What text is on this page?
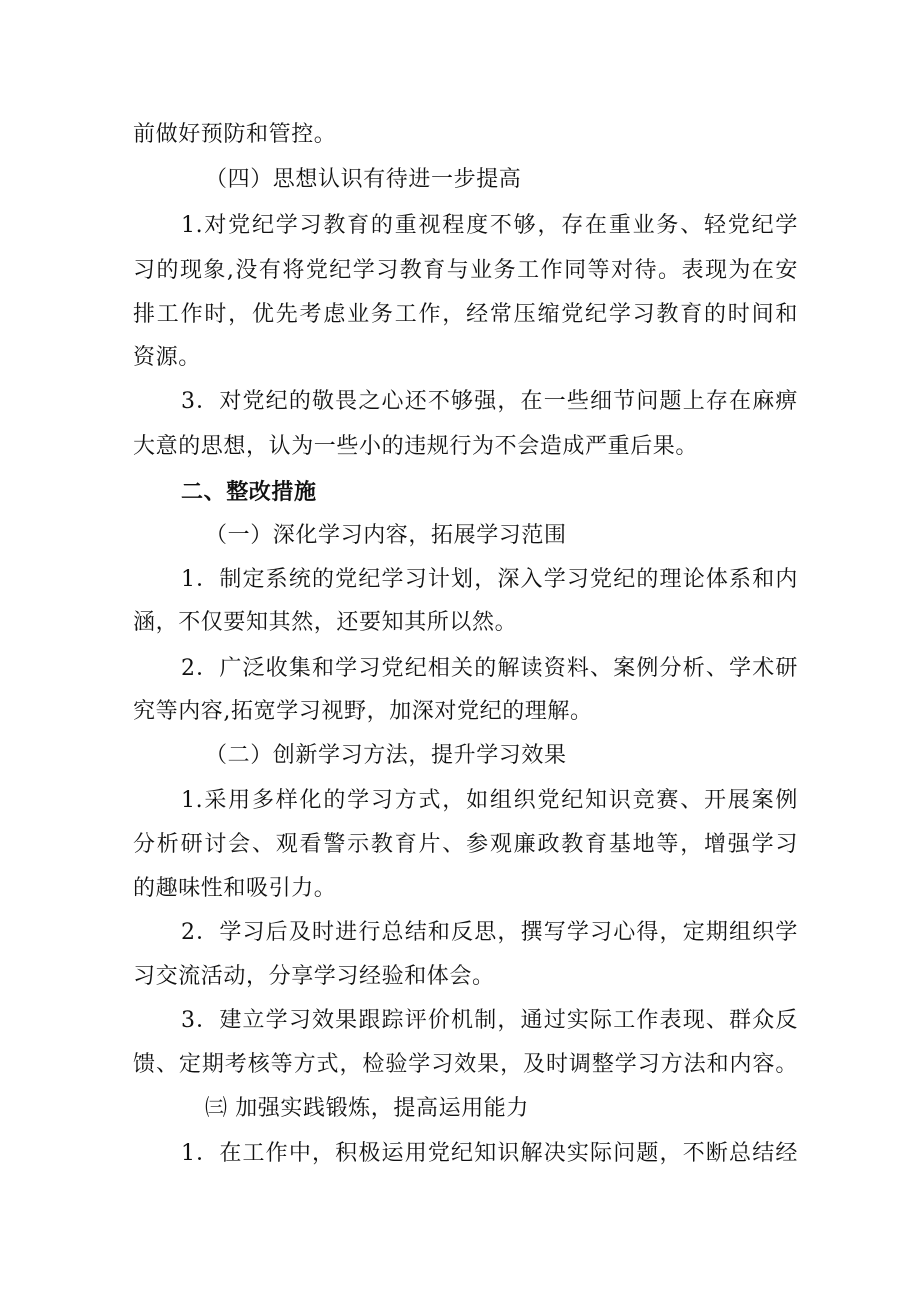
前做好预防和管控。
（四）思想认识有待进一步提高
1.对党纪学习教育的重视程度不够，存在重业务、轻党纪学
习的现象,没有将党纪学习教育与业务工作同等对待。表现为在安
排工作时，优先考虑业务工作，经常压缩党纪学习教育的时间和
资源。
3．对党纪的敬畏之心还不够强，在一些细节问题上存在麻痹
大意的思想，认为一些小的违规行为不会造成严重后果。
二、整改措施
（一）深化学习内容，拓展学习范围
1．制定系统的党纪学习计划，深入学习党纪的理论体系和内
涵，不仅要知其然，还要知其所以然。
2．广泛收集和学习党纪相关的解读资料、案例分析、学术研
究等内容,拓宽学习视野，加深对党纪的理解。
（二）创新学习方法，提升学习效果
1.采用多样化的学习方式，如组织党纪知识竞赛、开展案例
分析研讨会、观看警示教育片、参观廉政教育基地等，增强学习
的趣味性和吸引力。
2．学习后及时进行总结和反思，撰写学习心得，定期组织学
习交流活动，分享学习经验和体会。
3．建立学习效果跟踪评价机制，通过实际工作表现、群众反
馈、定期考核等方式，检验学习效果，及时调整学习方法和内容。
㈢ 加强实践锻炼，提高运用能力
1．在工作中，积极运用党纪知识解决实际问题，不断总结经
